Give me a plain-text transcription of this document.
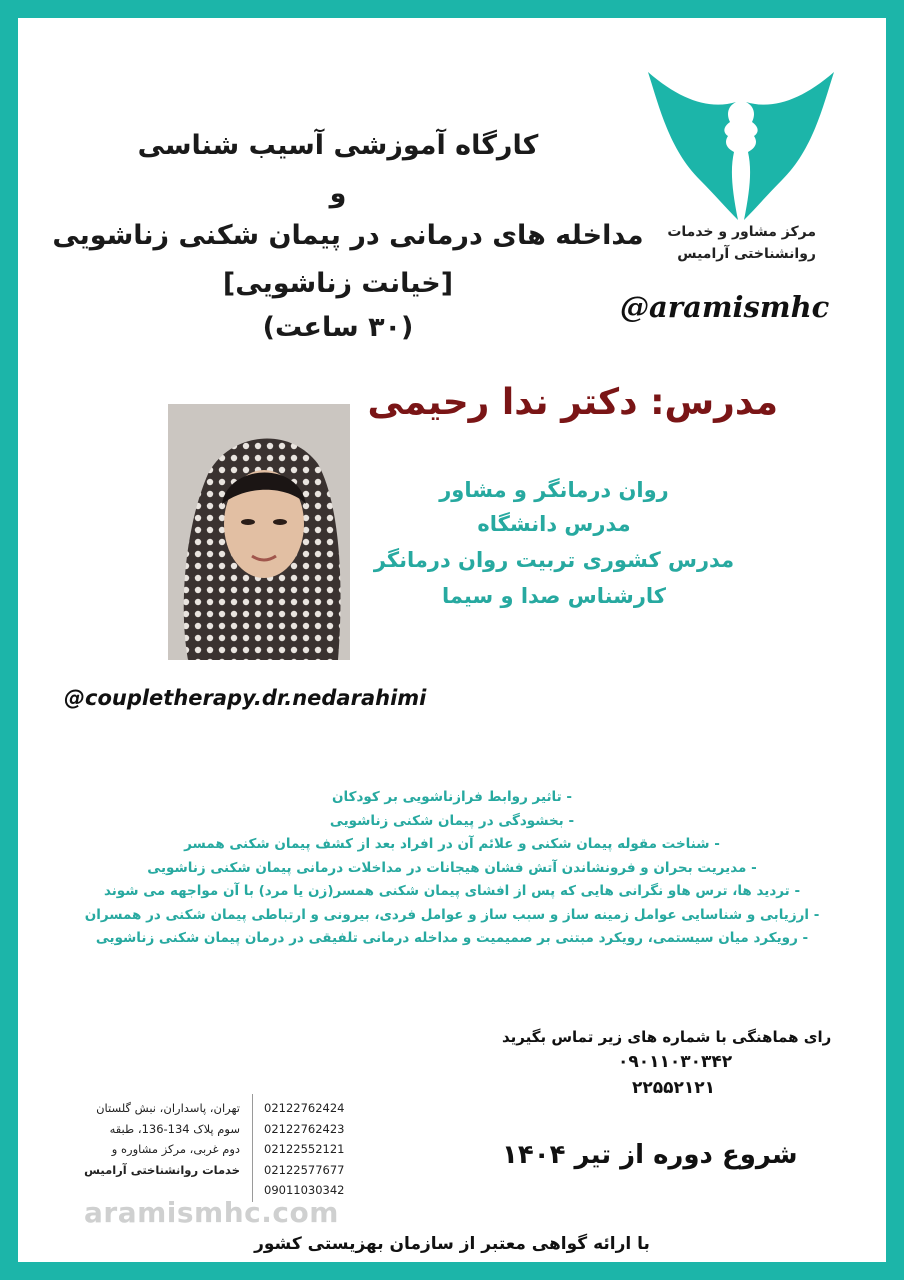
کارگاه آموزشی آسیب شناسی
و
مداخله های درمانی در پیمان شکنی زناشویی
[خیانت زناشویی]
(۳۰ ساعت)
مرکز مشاور و خدمات
روانشناختی آرامیس
@aramismhc
مدرس: دکتر ندا رحیمی
روان درمانگر و مشاور
مدرس دانشگاه
مدرس کشوری تربیت روان درمانگر
کارشناس صدا و سیما
@coupletherapy.dr.nedarahimi
- تاثیر روابط فرازناشویی بر کودکان
- بخشودگی در پیمان شکنی زناشویی
- شناخت مقوله پیمان شکنی و علائم آن در افراد بعد از کشف پیمان شکنی همسر
- مدیریت بحران و فرونشاندن آتش فشان هیجانات در مداخلات درمانی پیمان شکنی زناشویی
- تردید ها، ترس هاو نگرانی هایی که پس از افشای پیمان شکنی همسر(زن یا مرد) با آن مواجهه می شوند
- ارزیابی و شناسایی عوامل زمینه ساز و سبب ساز و عوامل فردی، بیرونی و ارتباطی پیمان شکنی در همسران
- رویکرد میان سیستمی، رویکرد مبتنی بر صمیمیت و مداخله درمانی تلفیقی در درمان پیمان شکنی زناشویی
رای هماهنگی با شماره های زیر تماس بگیرید
۰۹۰۱۱۰۳۰۳۴۲
۲۲۵۵۲۱۲۱
تهران، پاسداران، نبش گلستان
سوم پلاک 134-136، طبقه
دوم غربی، مرکز مشاوره و
خدمات روانشناختی آرامیس
02122762424
02122762423
02122552121
02122577677
09011030342
شروع دوره از تیر ۱۴۰۴
aramismhc.com
با ارائه گواهی معتبر از سازمان بهزیستی کشور
